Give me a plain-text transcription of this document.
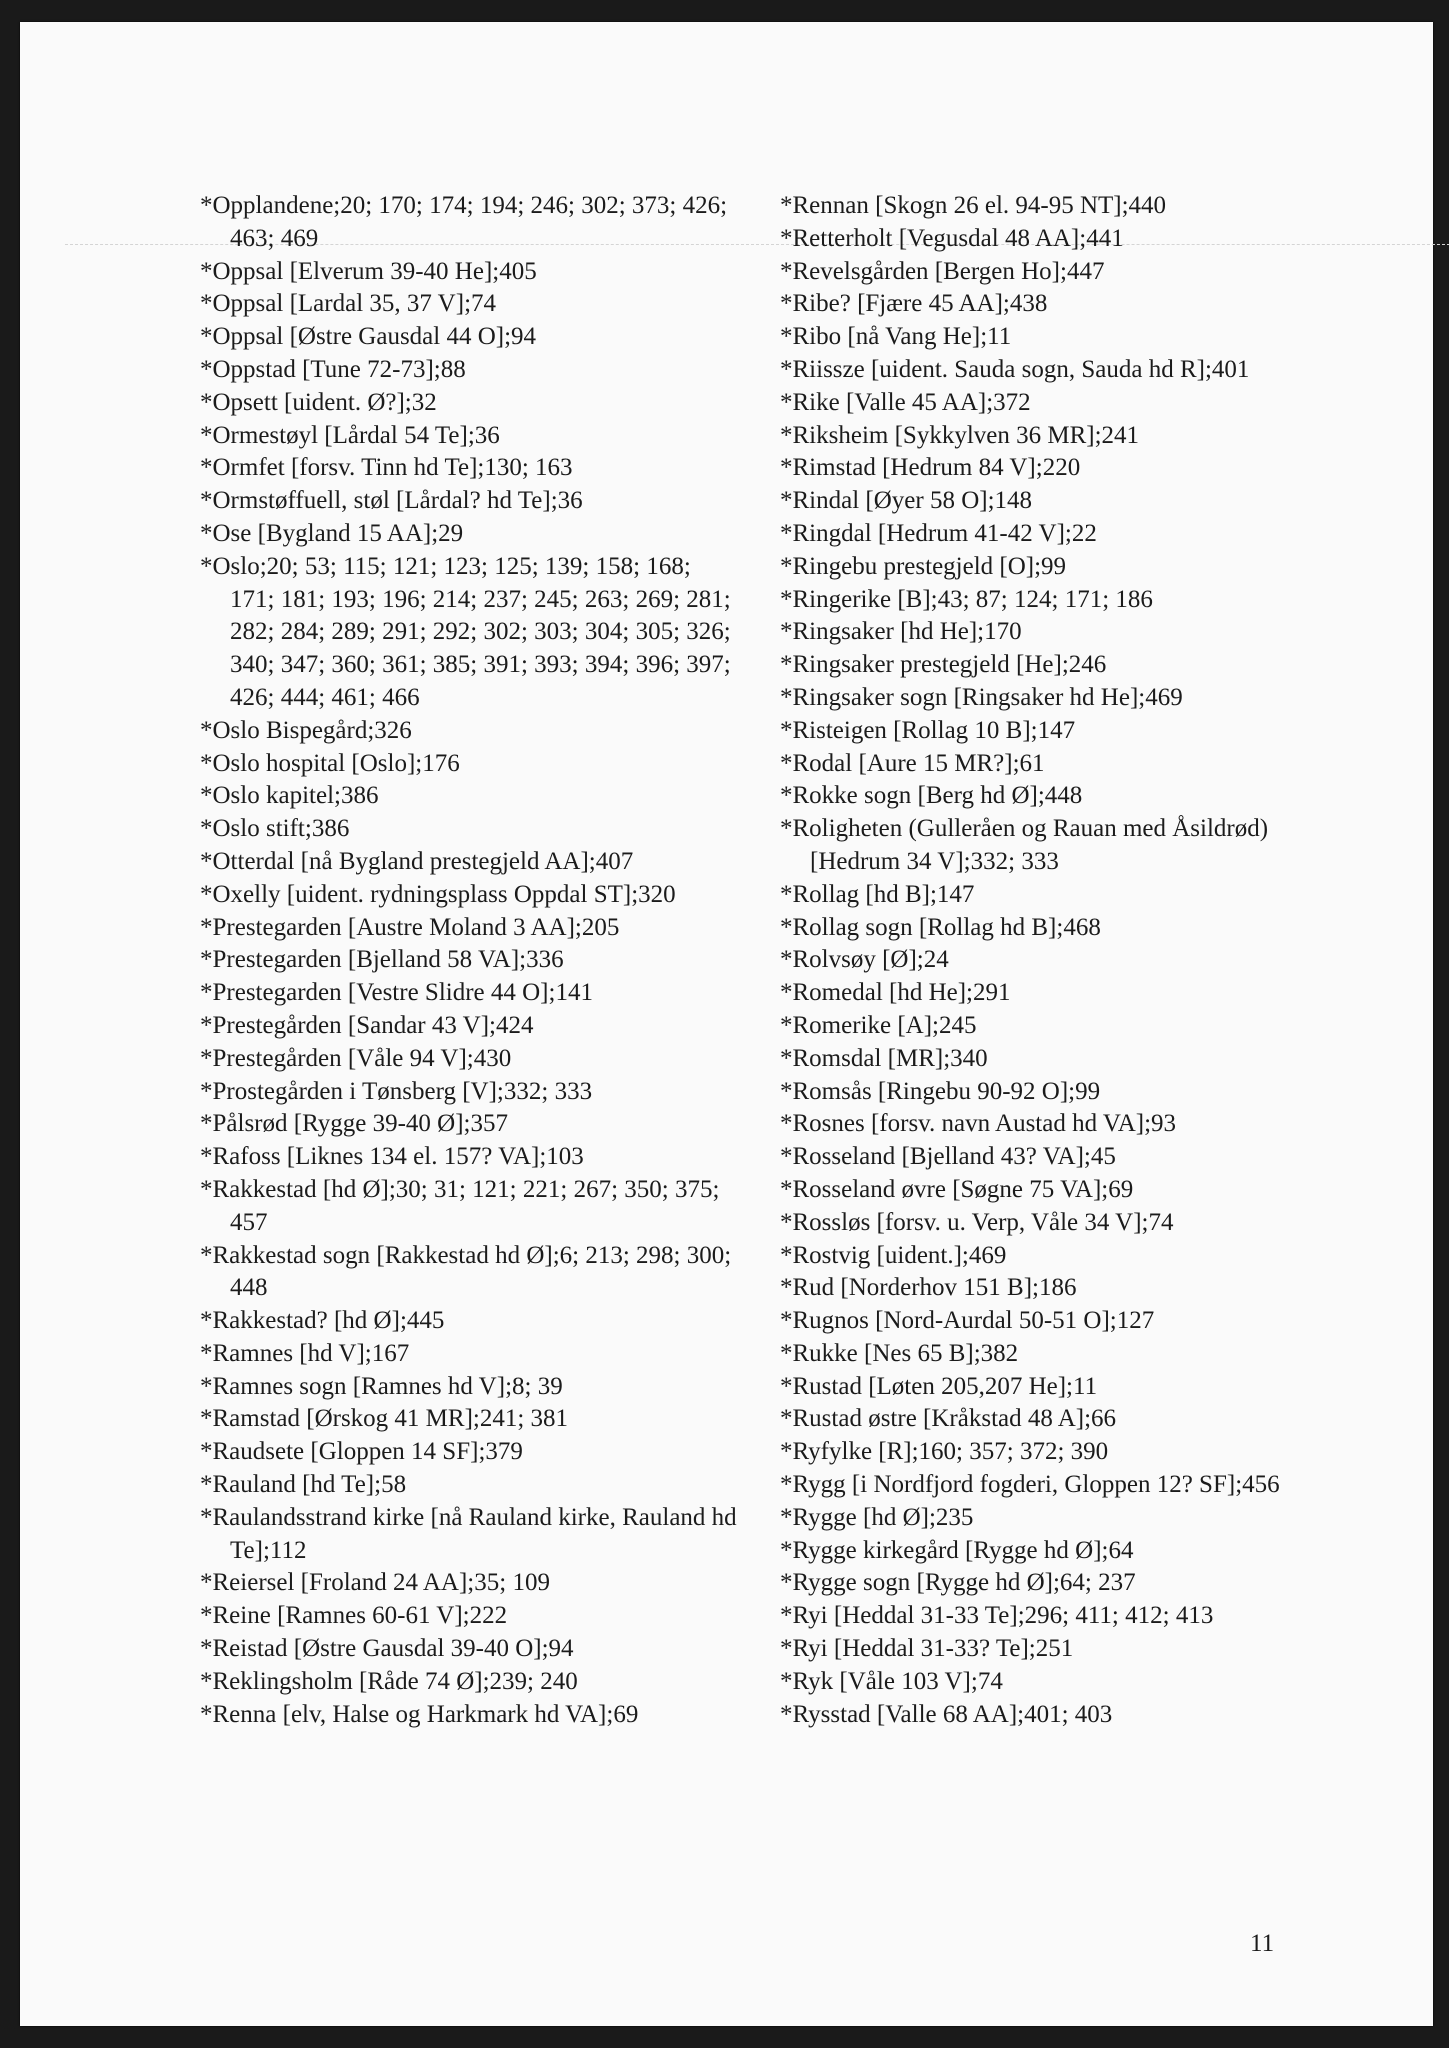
*Opplandene;20; 170; 174; 194; 246; 302; 373; 426; 463; 469

*Oppsal [Elverum 39-40 He];405

*Oppsal [Lardal 35, 37 V];74

*Oppsal [Østre Gausdal 44 O];94

*Oppstad [Tune 72-73];88

*Opsett [uident. Ø?];32

*Ormestøyl [Lårdal 54 Te];36

*Ormfet [forsv. Tinn hd Te];130; 163

*Ormstøffuell, støl [Lårdal? hd Te];36

*Ose [Bygland 15 AA];29

*Oslo;20; 53; 115; 121; 123; 125; 139; 158; 168; 171; 181; 193; 196; 214; 237; 245; 263; 269; 281; 282; 284; 289; 291; 292; 302; 303; 304; 305; 326; 340; 347; 360; 361; 385; 391; 393; 394; 396; 397; 426; 444; 461; 466

*Oslo Bispegård;326

*Oslo hospital [Oslo];176

*Oslo kapitel;386

*Oslo stift;386

*Otterdal [nå Bygland prestegjeld AA];407

*Oxelly [uident. rydningsplass Oppdal ST];320

*Prestegarden [Austre Moland 3 AA];205

*Prestegarden [Bjelland 58 VA];336

*Prestegarden [Vestre Slidre 44 O];141

*Prestegården [Sandar 43 V];424

*Prestegården [Våle 94 V];430

*Prostegården i Tønsberg [V];332; 333

*Pålsrød [Rygge 39-40 Ø];357

*Rafoss [Liknes 134 el. 157? VA];103

*Rakkestad [hd Ø];30; 31; 121; 221; 267; 350; 375; 457

*Rakkestad sogn [Rakkestad hd Ø];6; 213; 298; 300; 448

*Rakkestad? [hd Ø];445

*Ramnes [hd V];167

*Ramnes sogn [Ramnes hd V];8; 39

*Ramstad [Ørskog 41 MR];241; 381

*Raudsete [Gloppen 14 SF];379

*Rauland [hd Te];58

*Raulandsstrand kirke [nå Rauland kirke, Rauland hd Te];112

*Reiersel [Froland 24 AA];35; 109

*Reine [Ramnes 60-61 V];222

*Reistad [Østre Gausdal 39-40 O];94

*Reklingsholm [Råde 74 Ø];239; 240

*Renna [elv, Halse og Harkmark hd VA];69

*Rennan [Skogn 26 el. 94-95 NT];440

*Retterholt [Vegusdal 48 AA];441

*Revelsgården [Bergen Ho];447

*Ribe? [Fjære 45 AA];438

*Ribo [nå Vang He];11

*Riissze [uident. Sauda sogn, Sauda hd R];401

*Rike [Valle 45 AA];372

*Riksheim [Sykkylven 36 MR];241

*Rimstad [Hedrum 84 V];220

*Rindal [Øyer 58 O];148

*Ringdal [Hedrum 41-42 V];22

*Ringebu prestegjeld [O];99

*Ringerike [B];43; 87; 124; 171; 186

*Ringsaker [hd He];170

*Ringsaker prestegjeld [He];246

*Ringsaker sogn [Ringsaker hd He];469

*Risteigen [Rollag 10 B];147

*Rodal [Aure 15 MR?];61

*Rokke sogn [Berg hd Ø];448

*Roligheten (Gulleråen og Rauan med Åsildrød) [Hedrum 34 V];332; 333

*Rollag [hd B];147

*Rollag sogn [Rollag hd B];468

*Rolvsøy [Ø];24

*Romedal [hd He];291

*Romerike [A];245

*Romsdal [MR];340

*Romsås [Ringebu 90-92 O];99

*Rosnes [forsv. navn Austad hd VA];93

*Rosseland [Bjelland 43? VA];45

*Rosseland øvre [Søgne 75 VA];69

*Rossløs [forsv. u. Verp, Våle 34 V];74

*Rostvig [uident.];469

*Rud [Norderhov 151 B];186

*Rugnos [Nord-Aurdal 50-51 O];127

*Rukke [Nes 65 B];382

*Rustad [Løten 205,207 He];11

*Rustad østre [Kråkstad 48 A];66

*Ryfylke [R];160; 357; 372; 390

*Rygg [i Nordfjord fogderi, Gloppen 12? SF];456

*Rygge [hd Ø];235

*Rygge kirkegård [Rygge hd Ø];64

*Rygge sogn [Rygge hd Ø];64; 237

*Ryi [Heddal 31-33 Te];296; 411; 412; 413

*Ryi [Heddal 31-33? Te];251

*Ryk [Våle 103 V];74

*Rysstad [Valle 68 AA];401; 403

11
